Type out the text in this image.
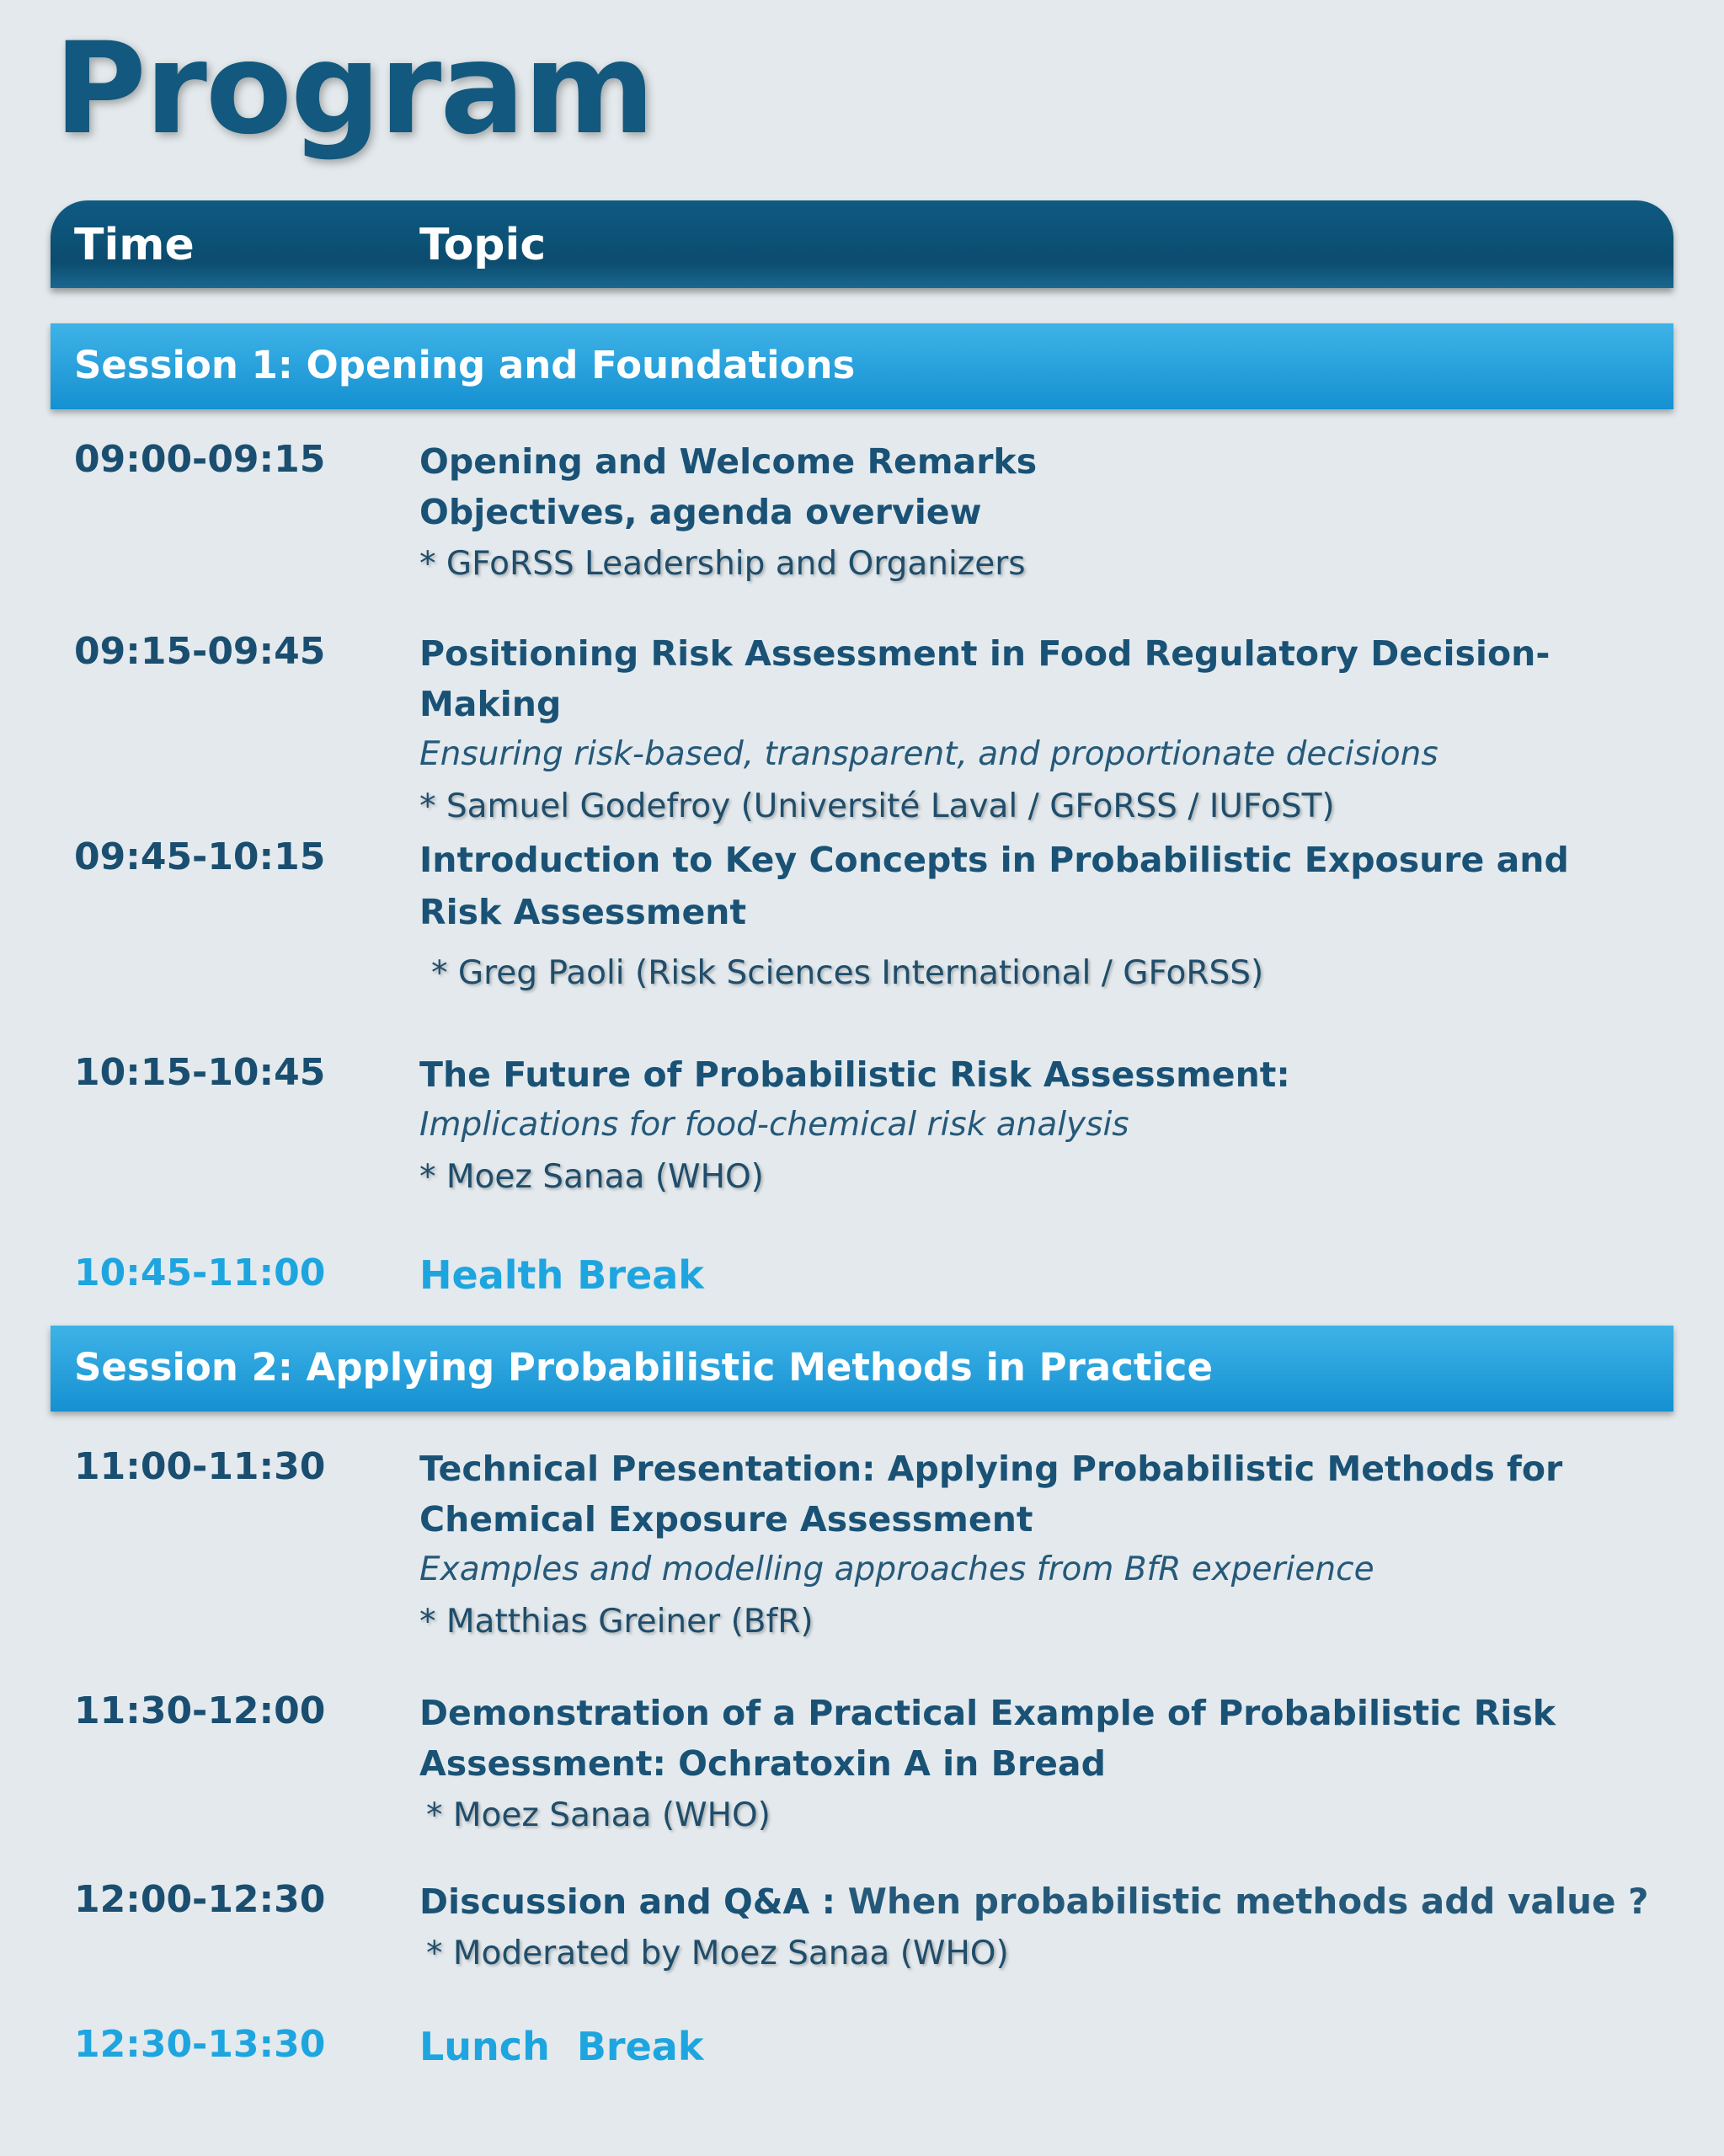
Program
Time	Topic
Session 1: Opening and Foundations
09:00-09:15	Opening and Welcome Remarks
Objectives, agenda overview
* GFoRSS Leadership and Organizers
09:15-09:45	Positioning Risk Assessment in Food Regulatory Decision-Making
Ensuring risk-based, transparent, and proportionate decisions
* Samuel Godefroy (Université Laval / GFoRSS / IUFoST)
09:45-10:15	Introduction to Key Concepts in Probabilistic Exposure and
Risk Assessment
* Greg Paoli (Risk Sciences International / GFoRSS)
10:15-10:45	The Future of Probabilistic Risk Assessment:
Implications for food-chemical risk analysis
* Moez Sanaa (WHO)
10:45-11:00 Health Break
Session 2: Applying Probabilistic Methods in Practice
11:00-11:30	Technical Presentation: Applying Probabilistic Methods for
Chemical Exposure Assessment
Examples and modelling approaches from BfR experience
* Matthias Greiner (BfR)
11:30-12:00	Demonstration of a Practical Example of Probabilistic Risk
Assessment: Ochratoxin A in Bread
* Moez Sanaa (WHO)
12:00-12:30	Discussion and Q&A : When probabilistic methods add value ?
* Moderated by Moez Sanaa (WHO)
12:30-13:30 Lunch  Break
